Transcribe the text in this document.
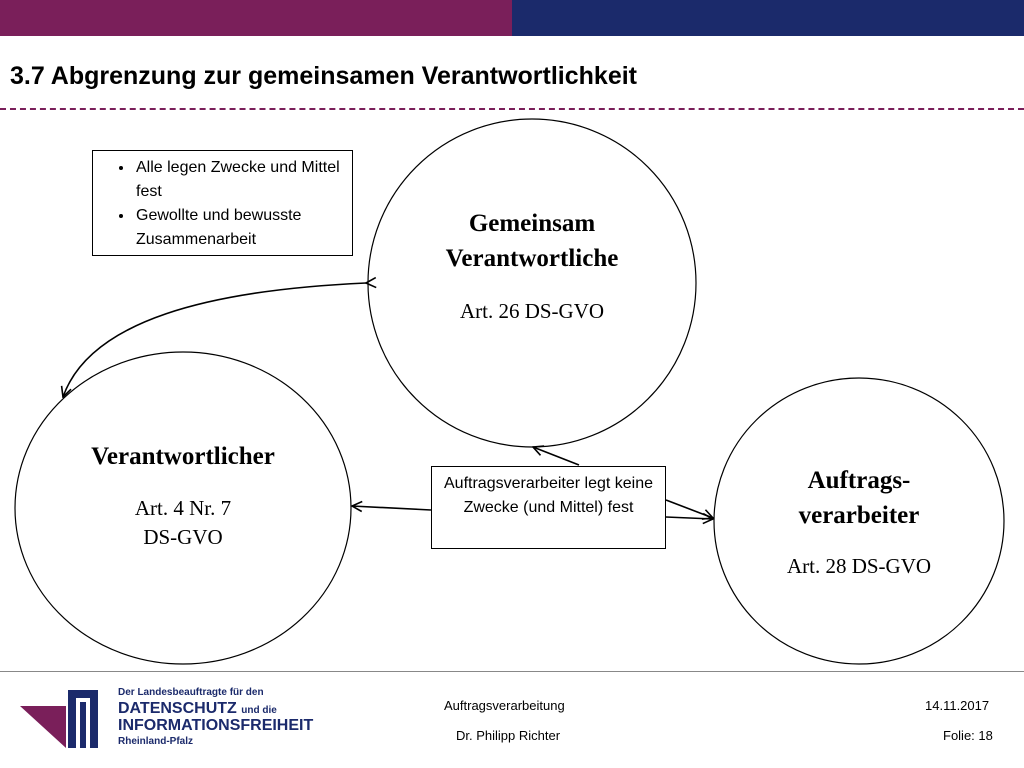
3.7 Abgrenzung zur gemeinsamen Verantwortlichkeit
• Alle legen Zwecke und Mittel fest
• Gewollte und bewusste Zusammenarbeit
Gemeinsam
Verantwortliche
Art. 26 DS-GVO
Verantwortlicher
Art. 4 Nr. 7
DS-GVO
Auftrags-
verarbeiter
Art. 28 DS-GVO
Auftragsverarbeiter legt keine Zwecke (und Mittel) fest
Der Landesbeauftragte für den
DATENSCHUTZ und die
INFORMATIONSFREIHEIT
Rheinland-Pfalz
Auftragsverarbeitung
Dr. Philipp Richter
14.11.2017
Folie: 18
